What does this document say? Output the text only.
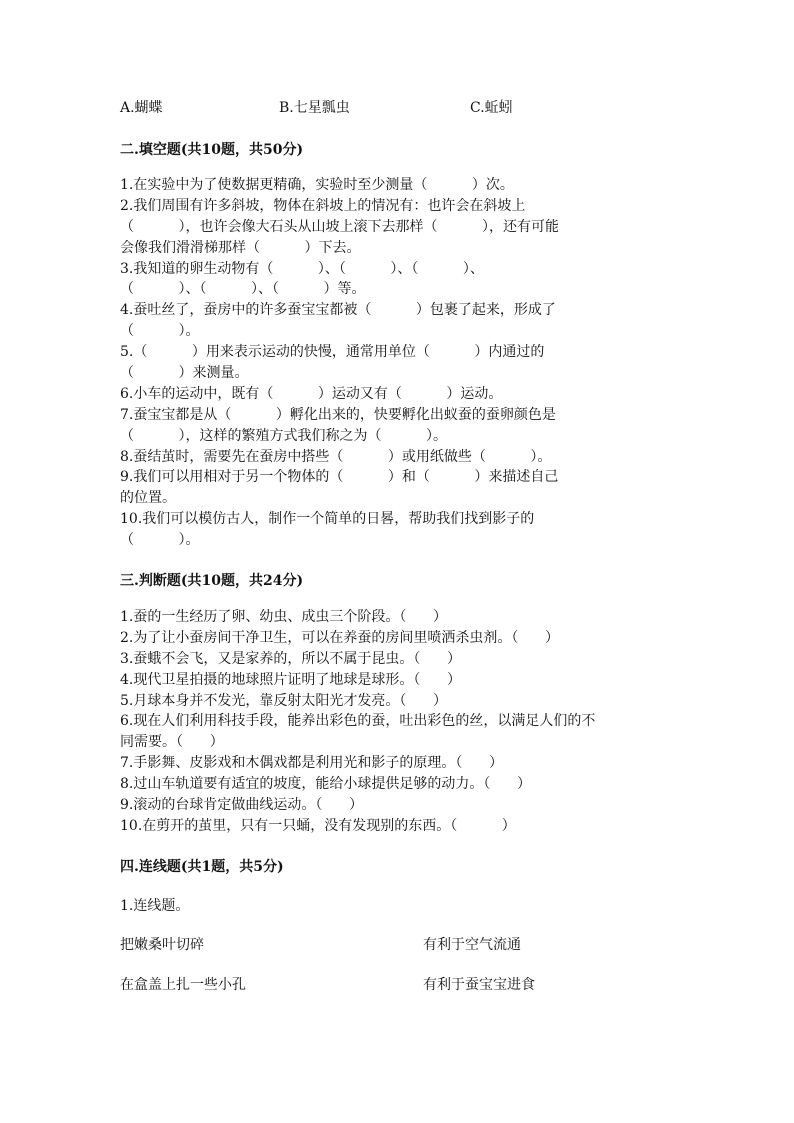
A.蝴蝶	B.七星瓢虫	C.蚯蚓
二.填空题(共10题，共50分)
1.在实验中为了使数据更精确，实验时至少测量（          ）次。
2.我们周围有许多斜坡，物体在斜坡上的情况有：也许会在斜坡上
（          ），也许会像大石头从山坡上滚下去那样（          ），还有可能
会像我们滑滑梯那样（          ）下去。
3.我知道的卵生动物有（          ）、（          ）、（          ）、
（          ）、（          ）、（          ）等。
4.蚕吐丝了，蚕房中的许多蚕宝宝都被（          ）包裹了起来，形成了
（          ）。
5.（          ）用来表示运动的快慢，通常用单位（          ）内通过的
（          ）来测量。
6.小车的运动中，既有（          ）运动又有（          ）运动。
7.蚕宝宝都是从（          ）孵化出来的，快要孵化出蚁蚕的蚕卵颜色是
（          ），这样的繁殖方式我们称之为（          ）。
8.蚕结茧时，需要先在蚕房中搭些（          ）或用纸做些（          ）。
9.我们可以用相对于另一个物体的（          ）和（          ）来描述自己
的位置。
10.我们可以模仿古人，制作一个简单的日晷，帮助我们找到影子的
（          ）。
三.判断题(共10题，共24分)
1.蚕的一生经历了卵、幼虫、成虫三个阶段。（      ）
2.为了让小蚕房间干净卫生，可以在养蚕的房间里喷洒杀虫剂。（      ）
3.蚕蛾不会飞，又是家养的，所以不属于昆虫。（      ）
4.现代卫星拍摄的地球照片证明了地球是球形。（      ）
5.月球本身并不发光，靠反射太阳光才发亮。（      ）
6.现在人们利用科技手段，能养出彩色的蚕，吐出彩色的丝，以满足人们的不
同需要。（      ）
7.手影舞、皮影戏和木偶戏都是利用光和影子的原理。（      ）
8.过山车轨道要有适宜的坡度，能给小球提供足够的动力。（      ）
9.滚动的台球肯定做曲线运动。（      ）
10.在剪开的茧里，只有一只蛹，没有发现别的东西。（          ）
四.连线题(共1题，共5分)
1.连线题。
把嫩桑叶切碎	有利于空气流通
在盒盖上扎一些小孔	有利于蚕宝宝进食
